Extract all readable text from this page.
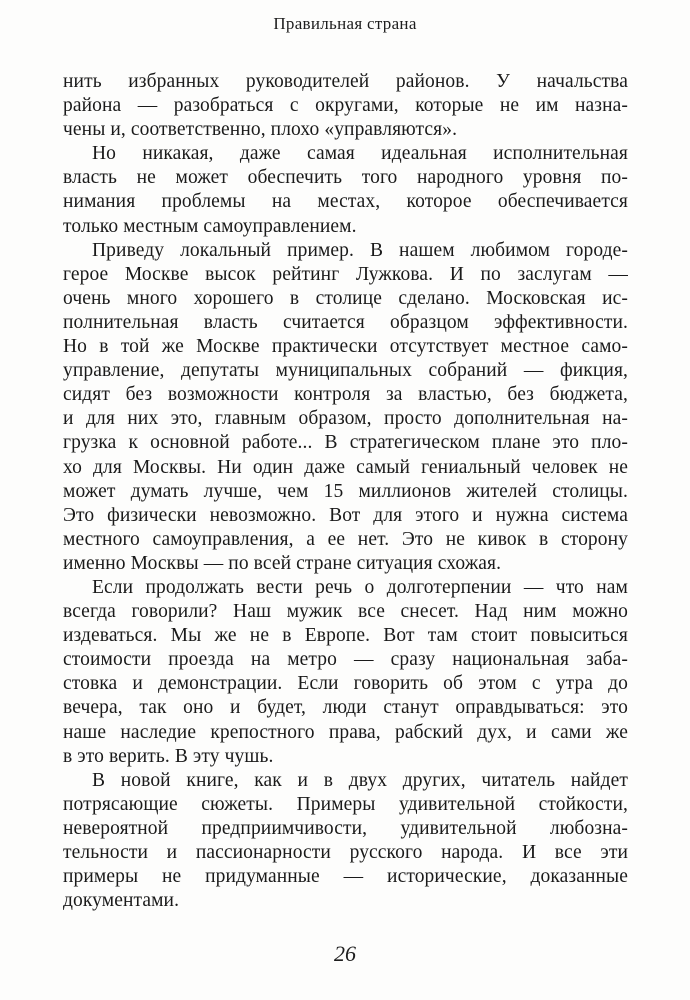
Правильная страна
нить избранных руководителей районов. У начальства
района — разобраться с округами, которые не им назна-
чены и, соответственно, плохо «управляются».
Но никакая, даже самая идеальная исполнительная
власть не может обеспечить того народного уровня по-
нимания проблемы на местах, которое обеспечивается
только местным самоуправлением.
Приведу локальный пример. В нашем любимом городе-
герое Москве высок рейтинг Лужкова. И по заслугам —
очень много хорошего в столице сделано. Московская ис-
полнительная власть считается образцом эффективности.
Но в той же Москве практически отсутствует местное само-
управление, депутаты муниципальных собраний — фикция,
сидят без возможности контроля за властью, без бюджета,
и для них это, главным образом, просто дополнительная на-
грузка к основной работе... В стратегическом плане это пло-
хо для Москвы. Ни один даже самый гениальный человек не
может думать лучше, чем 15 миллионов жителей столицы.
Это физически невозможно. Вот для этого и нужна система
местного самоуправления, а ее нет. Это не кивок в сторону
именно Москвы — по всей стране ситуация схожая.
Если продолжать вести речь о долготерпении — что нам
всегда говорили? Наш мужик все снесет. Над ним можно
издеваться. Мы же не в Европе. Вот там стоит повыситься
стоимости проезда на метро — сразу национальная заба-
стовка и демонстрации. Если говорить об этом с утра до
вечера, так оно и будет, люди станут оправдываться: это
наше наследие крепостного права, рабский дух, и сами же
в это верить. В эту чушь.
В новой книге, как и в двух других, читатель найдет
потрясающие сюжеты. Примеры удивительной стойкости,
невероятной предприимчивости, удивительной любозна-
тельности и пассионарности русского народа. И все эти
примеры не придуманные — исторические, доказанные
документами.
26
